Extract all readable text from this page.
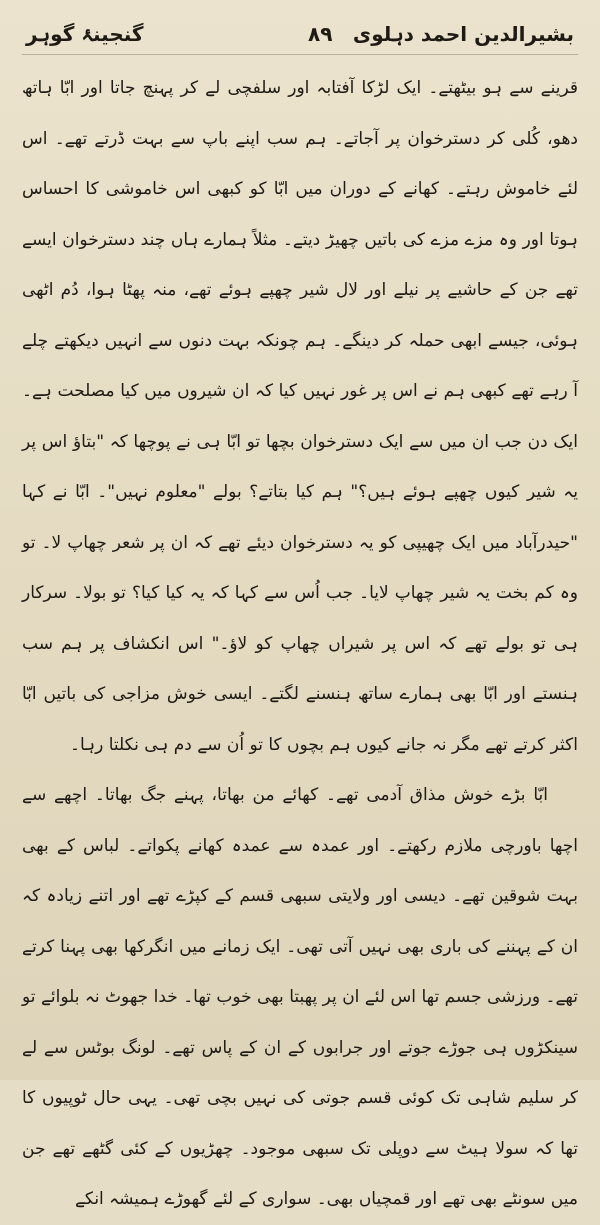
گنجینۂ گوہر	۸۹ بشیرالدین احمد دہلوی

قرینے سے ہو بیٹھتے۔ ایک لڑکا آفتابہ اور سلفچی لے کر پہنچ جاتا اور ابّا ہاتھ دھو، کُلی کر دسترخوان پر آجاتے۔ ہم سب اپنے باپ سے بہت ڈرتے تھے۔ اس لئے خاموش رہتے۔ کھانے کے دوران میں ابّا کو کبھی اس خاموشی کا احساس ہوتا اور وہ مزے مزے کی باتیں چھیڑ دیتے۔ مثلاً ہمارے ہاں چند دسترخوان ایسے تھے جن کے حاشیے پر نیلے اور لال شیر چھپے ہوئے تھے، منہ پھٹا ہوا، دُم اٹھی ہوئی، جیسے ابھی حملہ کر دینگے۔ ہم چونکہ بہت دنوں سے انہیں دیکھتے چلے آ رہے تھے کبھی ہم نے اس پر غور نہیں کیا کہ ان شیروں میں کیا مصلحت ہے۔ ایک دن جب ان میں سے ایک دسترخوان بچھا تو ابّا ہی نے پوچھا کہ "بتاؤ اس پر یہ شیر کیوں چھپے ہوئے ہیں؟" ہم کیا بتاتے؟ بولے "معلوم نہیں"۔ ابّا نے کہا "حیدرآباد میں ایک چھیپی کو یہ دسترخوان دیئے تھے کہ ان پر شعر چھاپ لا۔ تو وہ کم بخت یہ شیر چھاپ لایا۔ جب اُس سے کہا کہ یہ کیا کیا؟ تو بولا۔ سرکار ہی تو بولے تھے کہ اس پر شیراں چھاپ کو لاؤ۔" اس انکشاف پر ہم سب ہنستے اور ابّا بھی ہمارے ساتھ ہنسنے لگتے۔ ایسی خوش مزاجی کی باتیں ابّا اکثر کرتے تھے مگر نہ جانے کیوں ہم بچوں کا تو اُن سے دم ہی نکلتا رہا۔

ابّا بڑے خوش مذاق آدمی تھے۔ کھائے من بھاتا، پہنے جگ بھاتا۔ اچھے سے اچھا باورچی ملازم رکھتے۔ اور عمدہ سے عمدہ کھانے پکواتے۔ لباس کے بھی بہت شوقین تھے۔ دیسی اور ولایتی سبھی قسم کے کپڑے تھے اور اتنے زیادہ کہ ان کے پہننے کی باری بھی نہیں آتی تھی۔ ایک زمانے میں انگرکھا بھی پہنا کرتے تھے۔ ورزشی جسم تھا اس لئے ان پر پھبتا بھی خوب تھا۔ خدا جھوٹ نہ بلوائے تو سینکڑوں ہی جوڑے جوتے اور جرابوں کے ان کے پاس تھے۔ لونگ بوٹس سے لے کر سلیم شاہی تک کوئی قسم جوتی کی نہیں بچی تھی۔ یہی حال ٹوپیوں کا تھا کہ سولا ہیٹ سے دوپلی تک سبھی موجود۔ چھڑیوں کے کئی گٹھے تھے جن میں سونٹے بھی تھے اور قمچیاں بھی۔ سواری کے لئے گھوڑے ہمیشہ انکے
